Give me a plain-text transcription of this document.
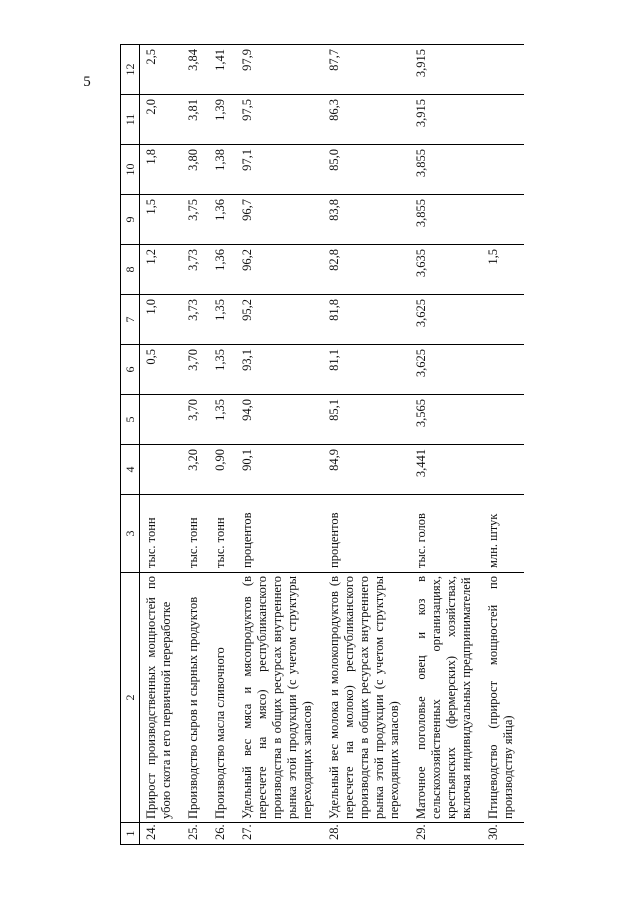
5
1	2	3	4	5	6	7	8	9	10	11	12
24.	Прирост производственных мощностей по убою скота и его первичной переработке	тыс. тонн			0,5	1,0	1,2	1,5	1,8	2,0	2,5
25.	Производство сыров и сырных продуктов	тыс. тонн	3,20	3,70	3,70	3,73	3,73	3,75	3,80	3,81	3,84
26.	Производство масла сливочного	тыс. тонн	0,90	1,35	1,35	1,35	1,36	1,36	1,38	1,39	1,41
27.	Удельный вес мяса и мясопродуктов (в пересчете на мясо) республиканского производства в общих ресурсах внутреннего рынка этой продукции (с учетом структуры переходящих запасов)	процентов	90,1	94,0	93,1	95,2	96,2	96,7	97,1	97,5	97,9
28.	Удельный вес молока и молокопродуктов (в пересчете на молоко) республиканского производства в общих ресурсах внутреннего рынка этой продукции (с учетом структуры переходящих запасов)	процентов	84,9	85,1	81,1	81,8	82,8	83,8	85,0	86,3	87,7
29.	Маточное поголовье овец и коз в сельскохозяйственных организациях, крестьянских (фермерских) хозяйствах, включая индивидуальных предпринимателей	тыс. голов	3,441	3,565	3,625	3,625	3,635	3,855	3,855	3,915	3,915
30.	Птицеводство (прирост мощностей по производству яйца)	млн. штук					1,5				
